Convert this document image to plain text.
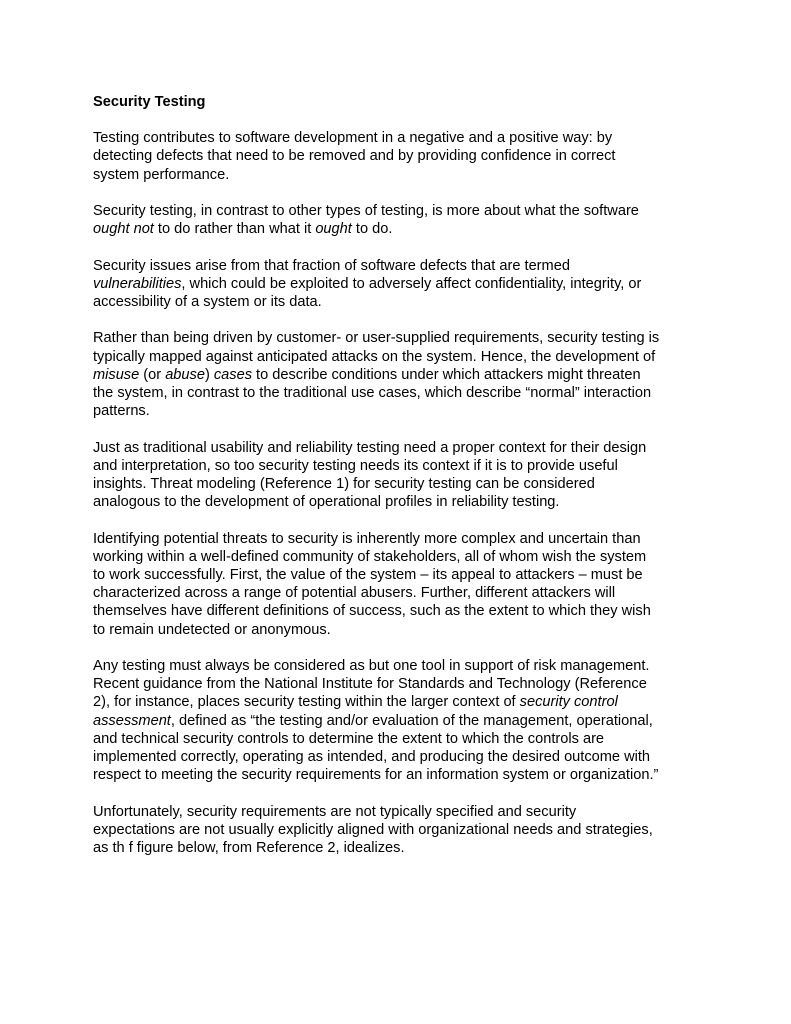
Security Testing
Testing contributes to software development in a negative and a positive way: by
detecting defects that need to be removed and by providing confidence in correct
system performance.
Security testing, in contrast to other types of testing, is more about what the software
ought not to do rather than what it ought to do.
Security issues arise from that fraction of software defects that are termed
vulnerabilities, which could be exploited to adversely affect confidentiality, integrity, or
accessibility of a system or its data.
Rather than being driven by customer- or user-supplied requirements, security testing is
typically mapped against anticipated attacks on the system. Hence, the development of
misuse (or abuse) cases to describe conditions under which attackers might threaten
the system, in contrast to the traditional use cases, which describe “normal” interaction
patterns.
Just as traditional usability and reliability testing need a proper context for their design
and interpretation, so too security testing needs its context if it is to provide useful
insights. Threat modeling (Reference 1) for security testing can be considered
analogous to the development of operational profiles in reliability testing.
Identifying potential threats to security is inherently more complex and uncertain than
working within a well-defined community of stakeholders, all of whom wish the system
to work successfully. First, the value of the system – its appeal to attackers – must be
characterized across a range of potential abusers. Further, different attackers will
themselves have different definitions of success, such as the extent to which they wish
to remain undetected or anonymous.
Any testing must always be considered as but one tool in support of risk management.
Recent guidance from the National Institute for Standards and Technology (Reference
2), for instance, places security testing within the larger context of security control
assessment, defined as “the testing and/or evaluation of the management, operational,
and technical security controls to determine the extent to which the controls are
implemented correctly, operating as intended, and producing the desired outcome with
respect to meeting the security requirements for an information system or organization.”
Unfortunately, security requirements are not typically specified and security
expectations are not usually explicitly aligned with organizational needs and strategies,
as th f figure below, from Reference 2, idealizes.
